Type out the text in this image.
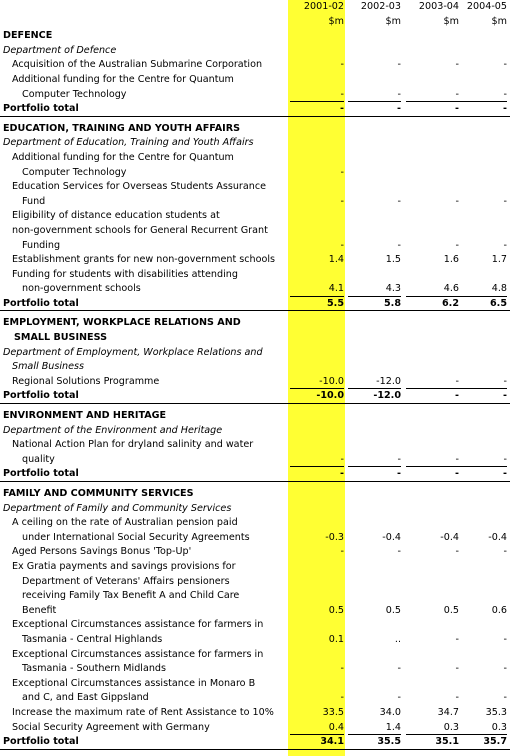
2001-02	2002-03	2003-04 2004-05
$m	$m	$m	$m
DEFENCE
Department of Defence
Acquisition of the Australian Submarine Corporation	-	-	-	-
Additional funding for the Centre for Quantum
Computer Technology	-	-	-	-
Portfolio total	-	-	-	-
EDUCATION, TRAINING AND YOUTH AFFAIRS
Department of Education, Training and Youth Affairs
Additional funding for the Centre for Quantum
Computer Technology	-
Education Services for Overseas Students Assurance
Fund	-	-	-	-
Eligibility of distance education students at
non-government schools for General Recurrent Grant
Funding	-	-	-	-
Establishment grants for new non-government schools	1.4	1.5	1.6	1.7
Funding for students with disabilities attending
non-government schools	4.1	4.3	4.6	4.8
Portfolio total	5.5	5.8	6.2	6.5
EMPLOYMENT, WORKPLACE RELATIONS AND
SMALL BUSINESS
Department of Employment, Workplace Relations and
Small Business
Regional Solutions Programme	-10.0	-12.0	-	-
Portfolio total	-10.0	-12.0	-	-
ENVIRONMENT AND HERITAGE
Department of the Environment and Heritage
National Action Plan for dryland salinity and water
quality	-	-	-	-
Portfolio total	-	-	-	-
FAMILY AND COMMUNITY SERVICES
Department of Family and Community Services
A ceiling on the rate of Australian pension paid
under International Social Security Agreements	-0.3	-0.4	-0.4	-0.4
Aged Persons Savings Bonus 'Top-Up'	-	-	-	-
Ex Gratia payments and savings provisions for
Department of Veterans' Affairs pensioners
receiving Family Tax Benefit A and Child Care
Benefit	0.5	0.5	0.5	0.6
Exceptional Circumstances assistance for farmers in
Tasmania - Central Highlands	0.1	..	-	-
Exceptional Circumstances assistance for farmers in
Tasmania - Southern Midlands	-	-	-	-
Exceptional Circumstances assistance in Monaro B
and C, and East Gippsland	-	-	-	-
Increase the maximum rate of Rent Assistance to 10%	33.5	34.0	34.7	35.3
Social Security Agreement with Germany	0.4	1.4	0.3	0.3
Portfolio total	34.1	35.5	35.1	35.7
